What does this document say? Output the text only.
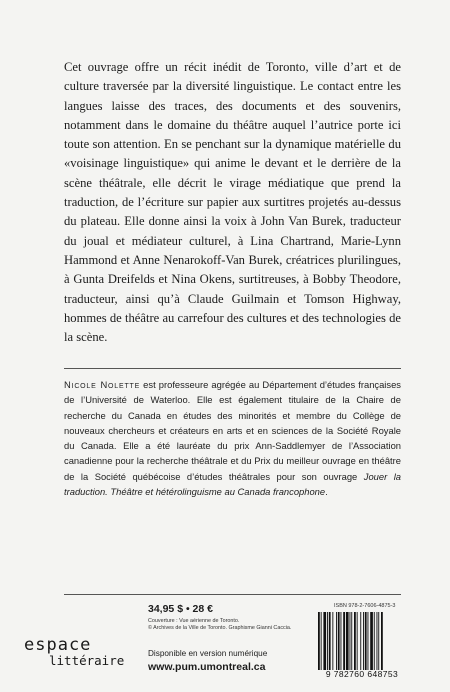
Cet ouvrage offre un récit inédit de Toronto, ville d’art et de culture traversée par la diversité linguistique. Le contact entre les langues laisse des traces, des documents et des souvenirs, notamment dans le domaine du théâtre auquel l’autrice porte ici toute son attention. En se penchant sur la dynamique matérielle du «voisinage linguistique» qui anime le devant et le derrière de la scène théâtrale, elle décrit le virage médiatique que prend la traduction, de l’écriture sur papier aux surtitres projetés au-dessus du plateau. Elle donne ainsi la voix à John Van Burek, traducteur du joual et médiateur culturel, à Lina Chartrand, Marie-Lynn Hammond et Anne Nenarokoff-Van Burek, créatrices plurilingues, à Gunta Dreifelds et Nina Okens, surtitreuses, à Bobby Theodore, traducteur, ainsi qu’à Claude Guilmain et Tomson Highway, hommes de théâtre au carrefour des cultures et des technologies de la scène.

Nicole Nolette est professeure agrégée au Département d’études françaises de l’Université de Waterloo. Elle est également titulaire de la Chaire de recherche du Canada en études des minorités et membre du Collège de nouveaux chercheurs et créateurs en arts et en sciences de la Société Royale du Canada. Elle a été lauréate du prix Ann-Saddlemyer de l’Association canadienne pour la recherche théâtrale et du Prix du meilleur ouvrage en théâtre de la Société québécoise d’études théâtrales pour son ouvrage Jouer la traduction. Théâtre et hétérolinguisme au Canada francophone.
espace
littéraire
34,95 $ • 28 €
Couverture : Vue aérienne de Toronto.
© Archives de la Ville de Toronto. Graphisme Gianni Caccia.
Disponible en version numérique
www.pum.umontreal.ca
ISBN 978-2-7606-4875-3
9 782760 648753
